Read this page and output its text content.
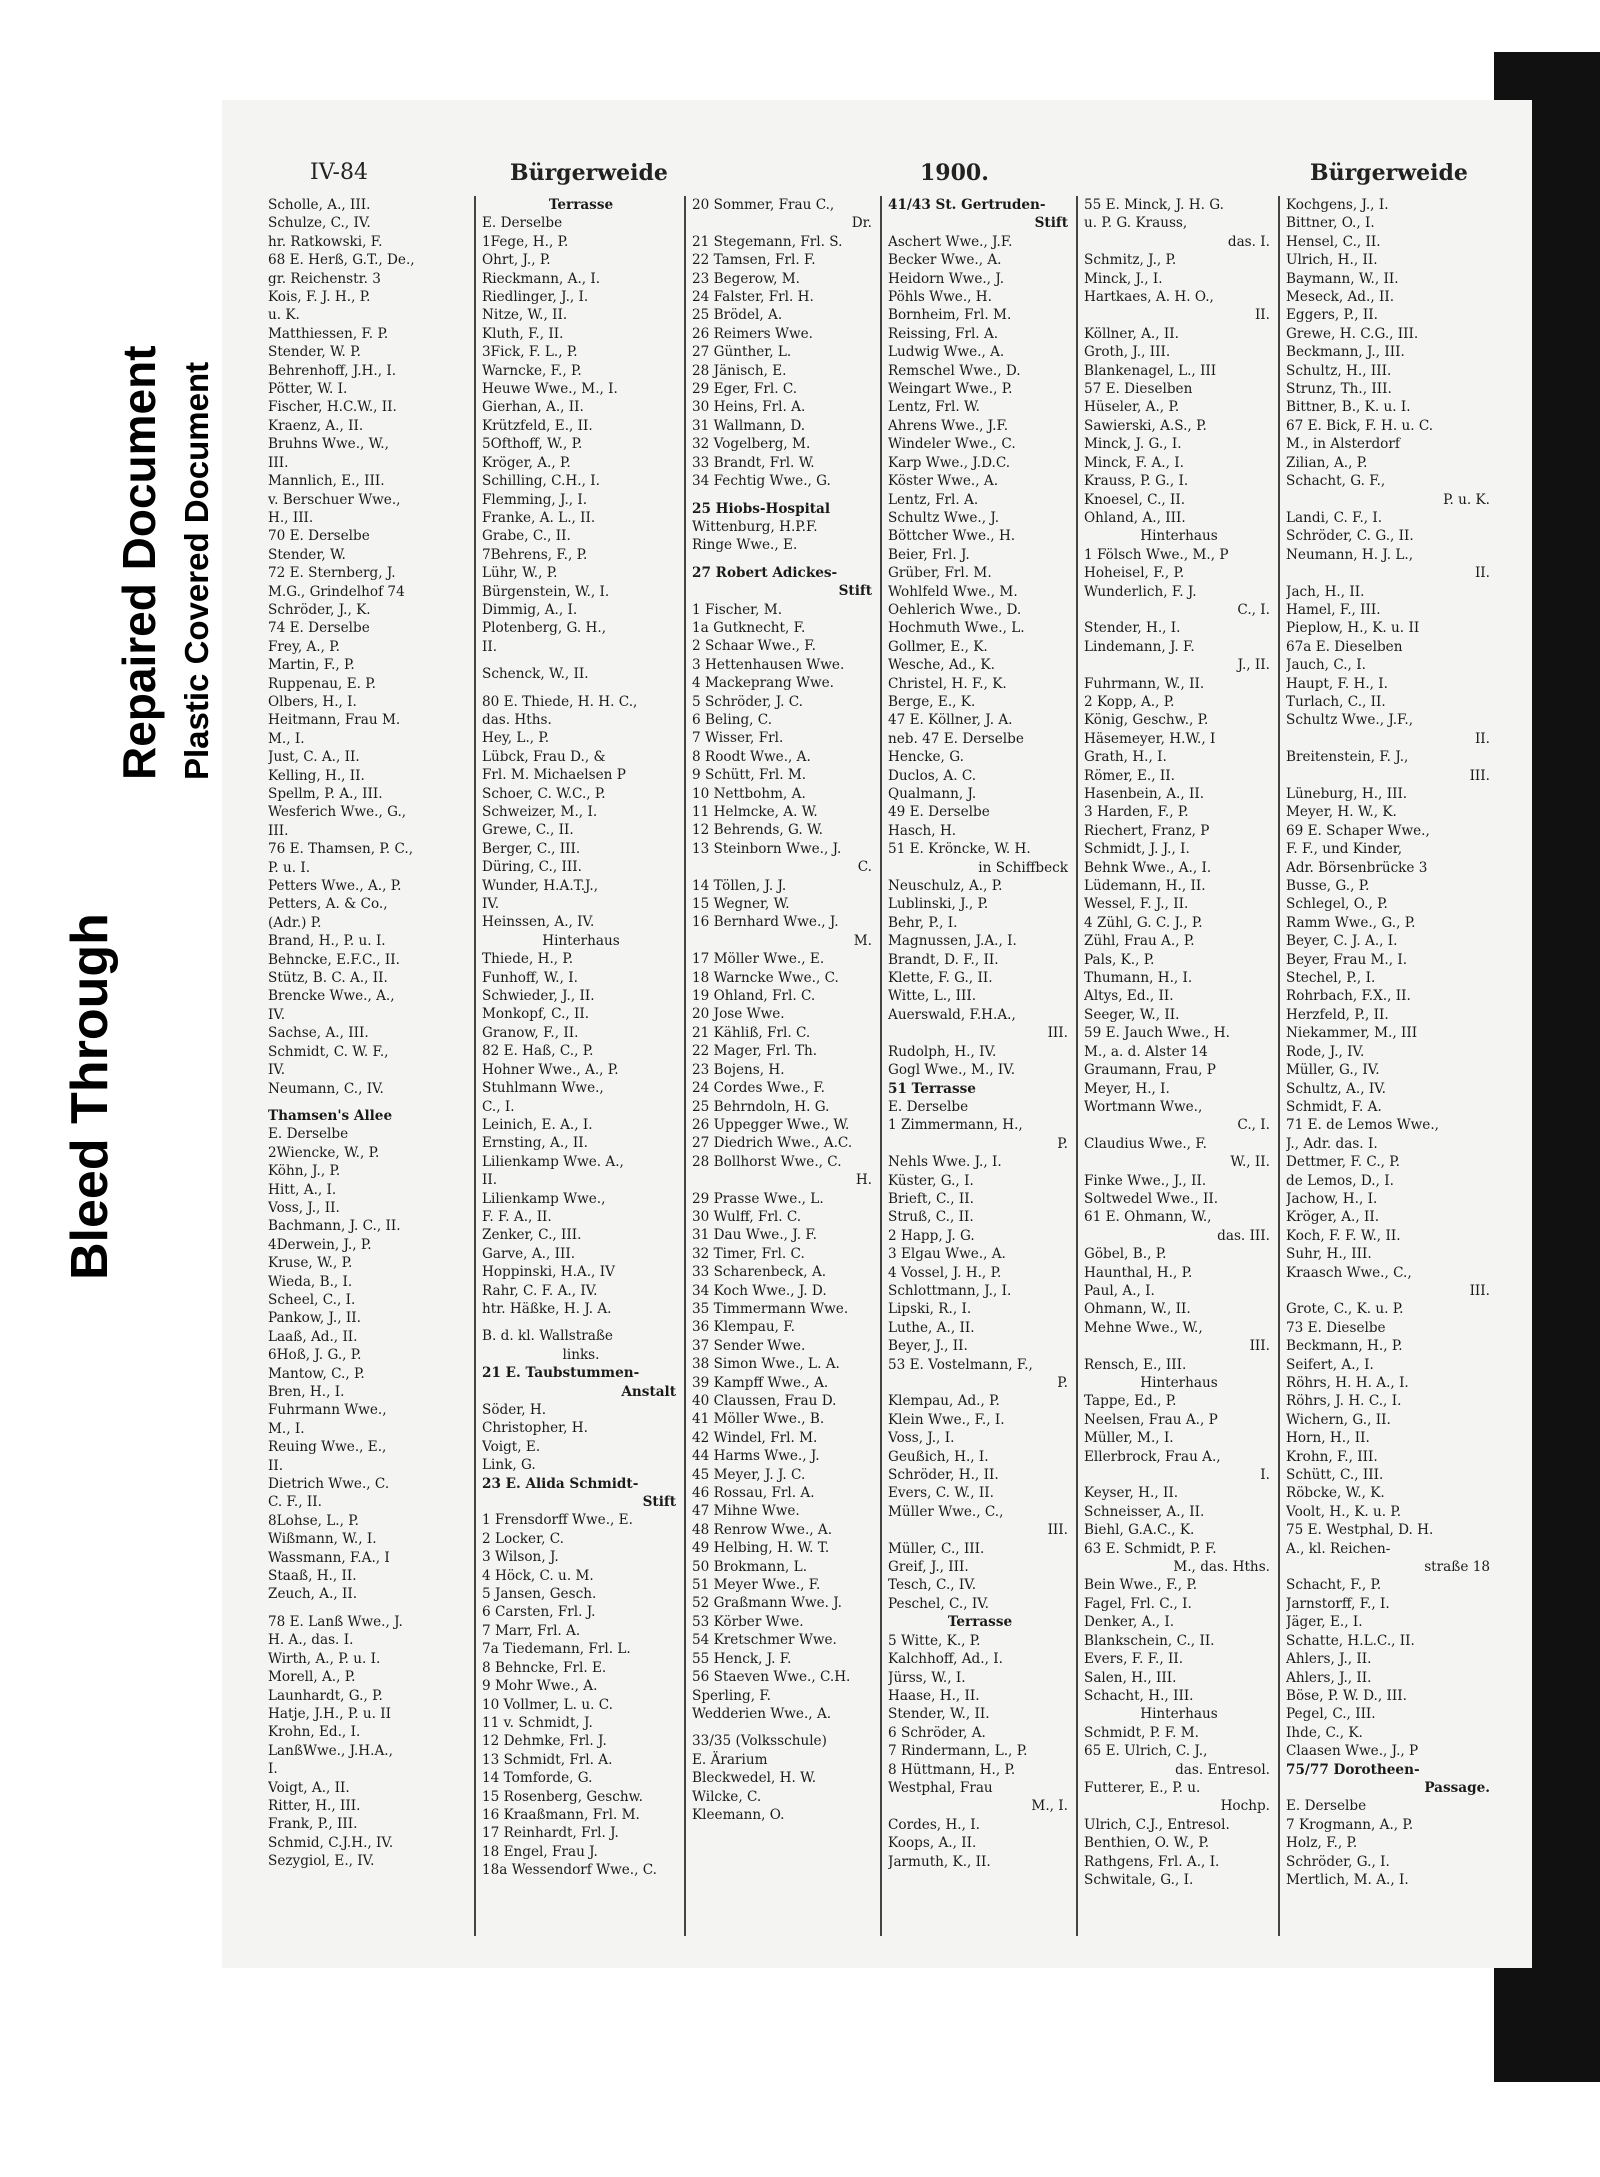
Bleed Through
Repaired Document Plastic Covered Document
IV-84	Bürgerweide	1900.	Bürgerweide
Scholle, A., III.
Schulze, C., IV.
hr. Ratkowski, F.
68 E. Herß, G.T., De.,
gr. Reichenstr. 3
Kois, F. J. H., P.
u. K.
Matthiessen, F. P.
Stender, W. P.
Behrenhoff, J.H., I.
Pötter, W. I.
Fischer, H.C.W., II.
Kraenz, A., II.
Bruhns Wwe., W.,
III.
Mannlich, E., III.
v. Berschuer Wwe.,
H., III.
70 E. Derselbe
Stender, W.
72 E. Sternberg, J.
M.G., Grindelhof 74
Schröder, J., K.
74 E. Derselbe
Frey, A., P.
Martin, F., P.
Ruppenau, E. P.
Olbers, H., I.
Heitmann, Frau M.
M., I.
Just, C. A., II.
Kelling, H., II.
Spellm, P. A., III.
Wesferich Wwe., G.,
III.
76 E. Thamsen, P. C.,
P. u. I.
Petters Wwe., A., P.
Petters, A. & Co.,
(Adr.) P.
Brand, H., P. u. I.
Behncke, E.F.C., II.
Stütz, B. C. A., II.
Brencke Wwe., A.,
IV.
Sachse, A., III.
Schmidt, C. W. F.,
IV.
Neumann, C., IV.
Thamsen's Allee
E. Derselbe
2Wiencke, W., P.
Köhn, J., P.
Hitt, A., I.
Voss, J., II.
Bachmann, J. C., II.
4Derwein, J., P.
Kruse, W., P.
Wieda, B., I.
Scheel, C., I.
Pankow, J., II.
Laaß, Ad., II.
6Hoß, J. G., P.
Mantow, C., P.
Bren, H., I.
Fuhrmann Wwe.,
M., I.
Reuing Wwe., E.,
II.
Dietrich Wwe., C.
C. F., II.
8Lohse, L., P.
Wißmann, W., I.
Wassmann, F.A., I
Staaß, H., II.
Zeuch, A., II.
78 E. Lanß Wwe., J.
H. A., das. I.
Wirth, A., P. u. I.
Morell, A., P.
Launhardt, G., P.
Hatje, J.H., P. u. II
Krohn, Ed., I.
LanßWwe., J.H.A.,
I.
Voigt, A., II.
Ritter, H., III.
Frank, P., III.
Schmid, C.J.H., IV.
Sezygiol, E., IV.
Terrasse
E. Derselbe
1Fege, H., P.
Ohrt, J., P.
Rieckmann, A., I.
Riedlinger, J., I.
Nitze, W., II.
Kluth, F., II.
3Fick, F. L., P.
Warncke, F., P.
Heuwe Wwe., M., I.
Gierhan, A., II.
Krützfeld, E., II.
5Ofthoff, W., P.
Kröger, A., P.
Schilling, C.H., I.
Flemming, J., I.
Franke, A. L., II.
Grabe, C., II.
7Behrens, F., P.
Lühr, W., P.
Bürgenstein, W., I.
Dimmig, A., I.
Plotenberg, G. H.,
II.
Schenck, W., II.
80 E. Thiede, H. H. C.,
das. Hths.
Hey, L., P.
Lübck, Frau D., &
Frl. M. Michaelsen P
Schoer, C. W.C., P.
Schweizer, M., I.
Grewe, C., II.
Berger, C., III.
Düring, C., III.
Wunder, H.A.T.J.,
IV.
Heinssen, A., IV.
Hinterhaus
Thiede, H., P.
Funhoff, W., I.
Schwieder, J., II.
Monkopf, C., II.
Granow, F., II.
82 E. Haß, C., P.
Hohner Wwe., A., P.
Stuhlmann Wwe.,
C., I.
Leinich, E. A., I.
Ernsting, A., II.
Lilienkamp Wwe. A.,
II.
Lilienkamp Wwe.,
F. F. A., II.
Zenker, C., III.
Garve, A., III.
Hoppinski, H.A., IV
Rahr, C. F. A., IV.
htr. Häßke, H. J. A.
B. d. kl. Wallstraße
links.
21 E. Taubstummen-
Anstalt
Söder, H.
Christopher, H.
Voigt, E.
Link, G.
23 E. Alida Schmidt-
Stift
1 Frensdorff Wwe., E.
2 Locker, C.
3 Wilson, J.
4 Höck, C. u. M.
5 Jansen, Gesch.
6 Carsten, Frl. J.
7 Marr, Frl. A.
7a Tiedemann, Frl. L.
8 Behncke, Frl. E.
9 Mohr Wwe., A.
10 Vollmer, L. u. C.
11 v. Schmidt, J.
12 Dehmke, Frl. J.
13 Schmidt, Frl. A.
14 Tomforde, G.
15 Rosenberg, Geschw.
16 Kraaßmann, Frl. M.
17 Reinhardt, Frl. J.
18 Engel, Frau J.
18a Wessendorf Wwe., C.
20 Sommer, Frau C.,
Dr.
21 Stegemann, Frl. S.
22 Tamsen, Frl. F.
23 Begerow, M.
24 Falster, Frl. H.
25 Brödel, A.
26 Reimers Wwe.
27 Günther, L.
28 Jänisch, E.
29 Eger, Frl. C.
30 Heins, Frl. A.
31 Wallmann, D.
32 Vogelberg, M.
33 Brandt, Frl. W.
34 Fechtig Wwe., G.
25 Hiobs-Hospital
Wittenburg, H.P.F.
Ringe Wwe., E.
27 Robert Adickes-
Stift
1 Fischer, M.
1a Gutknecht, F.
2 Schaar Wwe., F.
3 Hettenhausen Wwe.
4 Mackeprang Wwe.
5 Schröder, J. C.
6 Beling, C.
7 Wisser, Frl.
8 Roodt Wwe., A.
9 Schütt, Frl. M.
10 Nettbohm, A.
11 Helmcke, A. W.
12 Behrends, G. W.
13 Steinborn Wwe., J.
C.
14 Töllen, J. J.
15 Wegner, W.
16 Bernhard Wwe., J.
M.
17 Möller Wwe., E.
18 Warncke Wwe., C.
19 Ohland, Frl. C.
20 Jose Wwe.
21 Kähliß, Frl. C.
22 Mager, Frl. Th.
23 Bojens, H.
24 Cordes Wwe., F.
25 Behrndoln, H. G.
26 Uppegger Wwe., W.
27 Diedrich Wwe., A.C.
28 Bollhorst Wwe., C.
H.
29 Prasse Wwe., L.
30 Wulff, Frl. C.
31 Dau Wwe., J. F.
32 Timer, Frl. C.
33 Scharenbeck, A.
34 Koch Wwe., J. D.
35 Timmermann Wwe.
36 Klempau, F.
37 Sender Wwe.
38 Simon Wwe., L. A.
39 Kampff Wwe., A.
40 Claussen, Frau D.
41 Möller Wwe., B.
42 Windel, Frl. M.
44 Harms Wwe., J.
45 Meyer, J. J. C.
46 Rossau, Frl. A.
47 Mihne Wwe.
48 Renrow Wwe., A.
49 Helbing, H. W. T.
50 Brokmann, L.
51 Meyer Wwe., F.
52 Graßmann Wwe. J.
53 Körber Wwe.
54 Kretschmer Wwe.
55 Henck, J. F.
56 Staeven Wwe., C.H.
Sperling, F.
Wedderien Wwe., A.
33/35 (Volksschule)
E. Ärarium
Bleckwedel, H. W.
Wilcke, C.
Kleemann, O.
41/43 St. Gertruden-
Stift
Aschert Wwe., J.F.
Becker Wwe., A.
Heidorn Wwe., J.
Pöhls Wwe., H.
Bornheim, Frl. M.
Reissing, Frl. A.
Ludwig Wwe., A.
Remschel Wwe., D.
Weingart Wwe., P.
Lentz, Frl. W.
Ahrens Wwe., J.F.
Windeler Wwe., C.
Karp Wwe., J.D.C.
Köster Wwe., A.
Lentz, Frl. A.
Schultz Wwe., J.
Böttcher Wwe., H.
Beier, Frl. J.
Grüber, Frl. M.
Wohlfeld Wwe., M.
Oehlerich Wwe., D.
Hochmuth Wwe., L.
Gollmer, E., K.
Wesche, Ad., K.
Christel, H. F., K.
Berge, E., K.
47 E. Köllner, J. A.
neb. 47 E. Derselbe
Hencke, G.
Duclos, A. C.
Qualmann, J.
49 E. Derselbe
Hasch, H.
51 E. Kröncke, W. H.
in Schiffbeck
Neuschulz, A., P.
Lublinski, J., P.
Behr, P., I.
Magnussen, J.A., I.
Brandt, D. F., II.
Klette, F. G., II.
Witte, L., III.
Auerswald, F.H.A.,
III.
Rudolph, H., IV.
Gogl Wwe., M., IV.
51 Terrasse
E. Derselbe
1 Zimmermann, H.,
P.
Nehls Wwe. J., I.
Küster, G., I.
Brieft, C., II.
Struß, C., II.
2 Happ, J. G.
3 Elgau Wwe., A.
4 Vossel, J. H., P.
Schlottmann, J., I.
Lipski, R., I.
Luthe, A., II.
Beyer, J., II.
53 E. Vostelmann, F.,
P.
Klempau, Ad., P.
Klein Wwe., F., I.
Voss, J., I.
Geußich, H., I.
Schröder, H., II.
Evers, C. W., II.
Müller Wwe., C.,
III.
Müller, C., III.
Greif, J., III.
Tesch, C., IV.
Peschel, C., IV.
Terrasse
5 Witte, K., P.
Kalchhoff, Ad., I.
Jürss, W., I.
Haase, H., II.
Stender, W., II.
6 Schröder, A.
7 Rindermann, L., P.
8 Hüttmann, H., P.
Westphal, Frau
M., I.
Cordes, H., I.
Koops, A., II.
Jarmuth, K., II.
55 E. Minck, J. H. G.
u. P. G. Krauss,
das. I.
Schmitz, J., P.
Minck, J., I.
Hartkaes, A. H. O.,
II.
Köllner, A., II.
Groth, J., III.
Blankenagel, L., III
57 E. Dieselben
Hüseler, A., P.
Sawierski, A.S., P.
Minck, J. G., I.
Minck, F. A., I.
Krauss, P. G., I.
Knoesel, C., II.
Ohland, A., III.
Hinterhaus
1 Fölsch Wwe., M., P
Hoheisel, F., P.
Wunderlich, F. J.
C., I.
Stender, H., I.
Lindemann, J. F.
J., II.
Fuhrmann, W., II.
2 Kopp, A., P.
König, Geschw., P.
Häsemeyer, H.W., I
Grath, H., I.
Römer, E., II.
Hasenbein, A., II.
3 Harden, F., P.
Riechert, Franz, P
Schmidt, J. J., I.
Behnk Wwe., A., I.
Lüdemann, H., II.
Wessel, F. J., II.
4 Zühl, G. C. J., P.
Zühl, Frau A., P.
Pals, K., P.
Thumann, H., I.
Altys, Ed., II.
Seeger, W., II.
59 E. Jauch Wwe., H.
M., a. d. Alster 14
Graumann, Frau, P
Meyer, H., I.
Wortmann Wwe.,
C., I.
Claudius Wwe., F.
W., II.
Finke Wwe., J., II.
Soltwedel Wwe., II.
61 E. Ohmann, W.,
das. III.
Göbel, B., P.
Haunthal, H., P.
Paul, A., I.
Ohmann, W., II.
Mehne Wwe., W.,
III.
Rensch, E., III.
Hinterhaus
Tappe, Ed., P.
Neelsen, Frau A., P
Müller, M., I.
Ellerbrock, Frau A.,
I.
Keyser, H., II.
Schneisser, A., II.
Biehl, G.A.C., K.
63 E. Schmidt, P. F.
M., das. Hths.
Bein Wwe., F., P.
Fagel, Frl. C., I.
Denker, A., I.
Blankschein, C., II.
Evers, F. F., II.
Salen, H., III.
Schacht, H., III.
Hinterhaus
Schmidt, P. F. M.
65 E. Ulrich, C. J.,
das. Entresol.
Futterer, E., P. u.
Hochp.
Ulrich, C.J., Entresol.
Benthien, O. W., P.
Rathgens, Frl. A., I.
Schwitale, G., I.
Kochgens, J., I.
Bittner, O., I.
Hensel, C., II.
Ulrich, H., II.
Baymann, W., II.
Meseck, Ad., II.
Eggers, P., II.
Grewe, H. C.G., III.
Beckmann, J., III.
Schultz, H., III.
Strunz, Th., III.
Bittner, B., K. u. I.
67 E. Bick, F. H. u. C.
M., in Alsterdorf
Zilian, A., P.
Schacht, G. F.,
P. u. K.
Landi, C. F., I.
Schröder, C. G., II.
Neumann, H. J. L.,
II.
Jach, H., II.
Hamel, F., III.
Pieplow, H., K. u. II
67a E. Dieselben
Jauch, C., I.
Haupt, F. H., I.
Turlach, C., II.
Schultz Wwe., J.F.,
II.
Breitenstein, F. J.,
III.
Lüneburg, H., III.
Meyer, H. W., K.
69 E. Schaper Wwe.,
F. F., und Kinder,
Adr. Börsenbrücke 3
Busse, G., P.
Schlegel, O., P.
Ramm Wwe., G., P.
Beyer, C. J. A., I.
Beyer, Frau M., I.
Stechel, P., I.
Rohrbach, F.X., II.
Herzfeld, P., II.
Niekammer, M., III
Rode, J., IV.
Müller, G., IV.
Schultz, A., IV.
Schmidt, F. A.
71 E. de Lemos Wwe.,
J., Adr. das. I.
Dettmer, F. C., P.
de Lemos, D., I.
Jachow, H., I.
Kröger, A., II.
Koch, F. F. W., II.
Suhr, H., III.
Kraasch Wwe., C.,
III.
Grote, C., K. u. P.
73 E. Dieselbe
Beckmann, H., P.
Seifert, A., I.
Röhrs, H. H. A., I.
Röhrs, J. H. C., I.
Wichern, G., II.
Horn, H., II.
Krohn, F., III.
Schütt, C., III.
Röbcke, W., K.
Voolt, H., K. u. P.
75 E. Westphal, D. H.
A., kl. Reichen-
straße 18
Schacht, F., P.
Jarnstorff, F., I.
Jäger, E., I.
Schatte, H.L.C., II.
Ahlers, J., II.
Ahlers, J., II.
Böse, P. W. D., III.
Pegel, C., III.
Ihde, C., K.
Claasen Wwe., J., P
75/77 Dorotheen-
Passage.
E. Derselbe
7 Krogmann, A., P.
Holz, F., P.
Schröder, G., I.
Mertlich, M. A., I.
